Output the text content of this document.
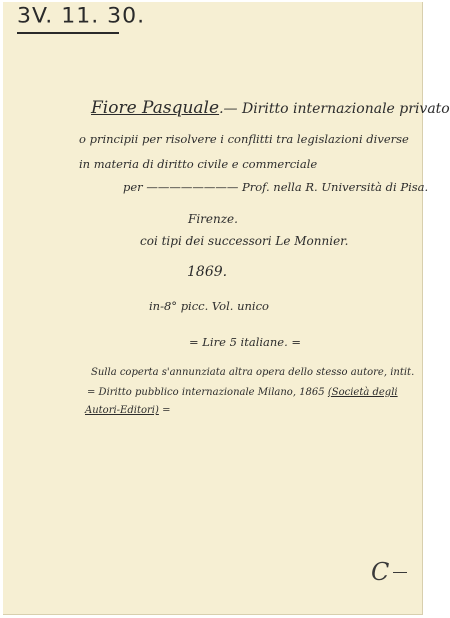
3V. 11. 30.
Fiore Pasquale.— Diritto internazionale privato
o principii per risolvere i conflitti tra legislazioni diverse
in materia di diritto civile e commerciale
per ———————— Prof. nella R. Università di Pisa.
Firenze.
coi tipi dei successori Le Monnier.
1869.
in-8° picc. Vol. unico
= Lire 5 italiane. =
Sulla coperta s'annunziata altra opera dello stesso autore, intit.
= Diritto pubblico internazionale Milano, 1865 (Società degli
Autori-Editori) =
C
